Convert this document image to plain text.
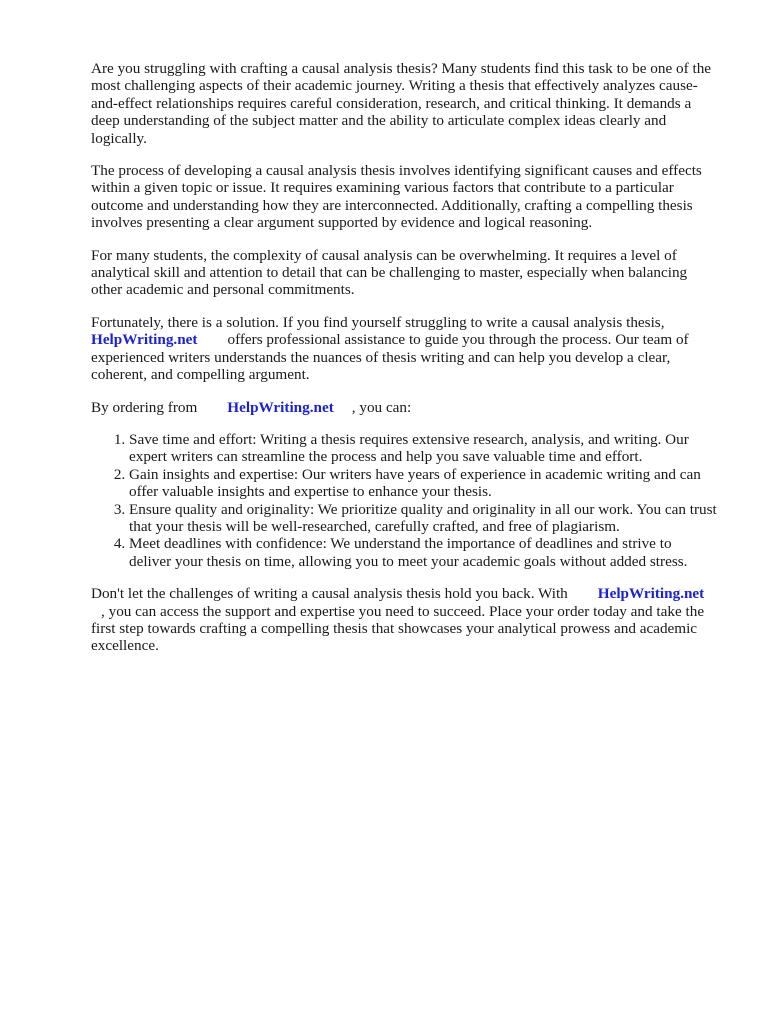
Are you struggling with crafting a causal analysis thesis? Many students find this task to be one of the most challenging aspects of their academic journey. Writing a thesis that effectively analyzes cause-and-effect relationships requires careful consideration, research, and critical thinking. It demands a deep understanding of the subject matter and the ability to articulate complex ideas clearly and logically.

The process of developing a causal analysis thesis involves identifying significant causes and effects within a given topic or issue. It requires examining various factors that contribute to a particular outcome and understanding how they are interconnected. Additionally, crafting a compelling thesis involves presenting a clear argument supported by evidence and logical reasoning.

For many students, the complexity of causal analysis can be overwhelming. It requires a level of analytical skill and attention to detail that can be challenging to master, especially when balancing other academic and personal commitments.

Fortunately, there is a solution. If you find yourself struggling to write a causal analysis thesis,
HelpWriting.net offers professional assistance to guide you through the process. Our team of experienced writers understands the nuances of thesis writing and can help you develop a clear, coherent, and compelling argument.

By ordering from HelpWriting.net , you can:

1. Save time and effort: Writing a thesis requires extensive research, analysis, and writing. Our expert writers can streamline the process and help you save valuable time and effort.
2. Gain insights and expertise: Our writers have years of experience in academic writing and can offer valuable insights and expertise to enhance your thesis.
3. Ensure quality and originality: We prioritize quality and originality in all our work. You can trust that your thesis will be well-researched, carefully crafted, and free of plagiarism.
4. Meet deadlines with confidence: We understand the importance of deadlines and strive to deliver your thesis on time, allowing you to meet your academic goals without added stress.

Don't let the challenges of writing a causal analysis thesis hold you back. With HelpWriting.net
, you can access the support and expertise you need to succeed. Place your order today and take the first step towards crafting a compelling thesis that showcases your analytical prowess and academic excellence.
